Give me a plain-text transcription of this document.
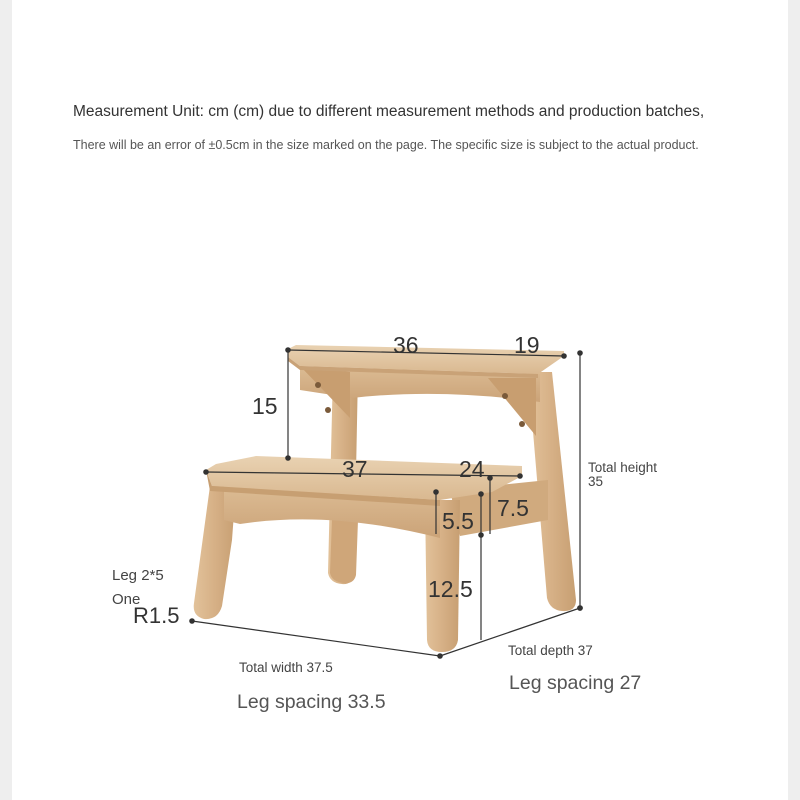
Measurement Unit: cm (cm) due to different measurement methods and production batches,
There will be an error of ±0.5cm in the size marked on the page. The specific size is subject to the actual product.
36	19
15
37	24
5.5 7.5
12.5
Total height
35
Leg 2*5
One
R1.5
Total width 37.5
Total depth 37
Leg spacing 33.5
Leg spacing 27
